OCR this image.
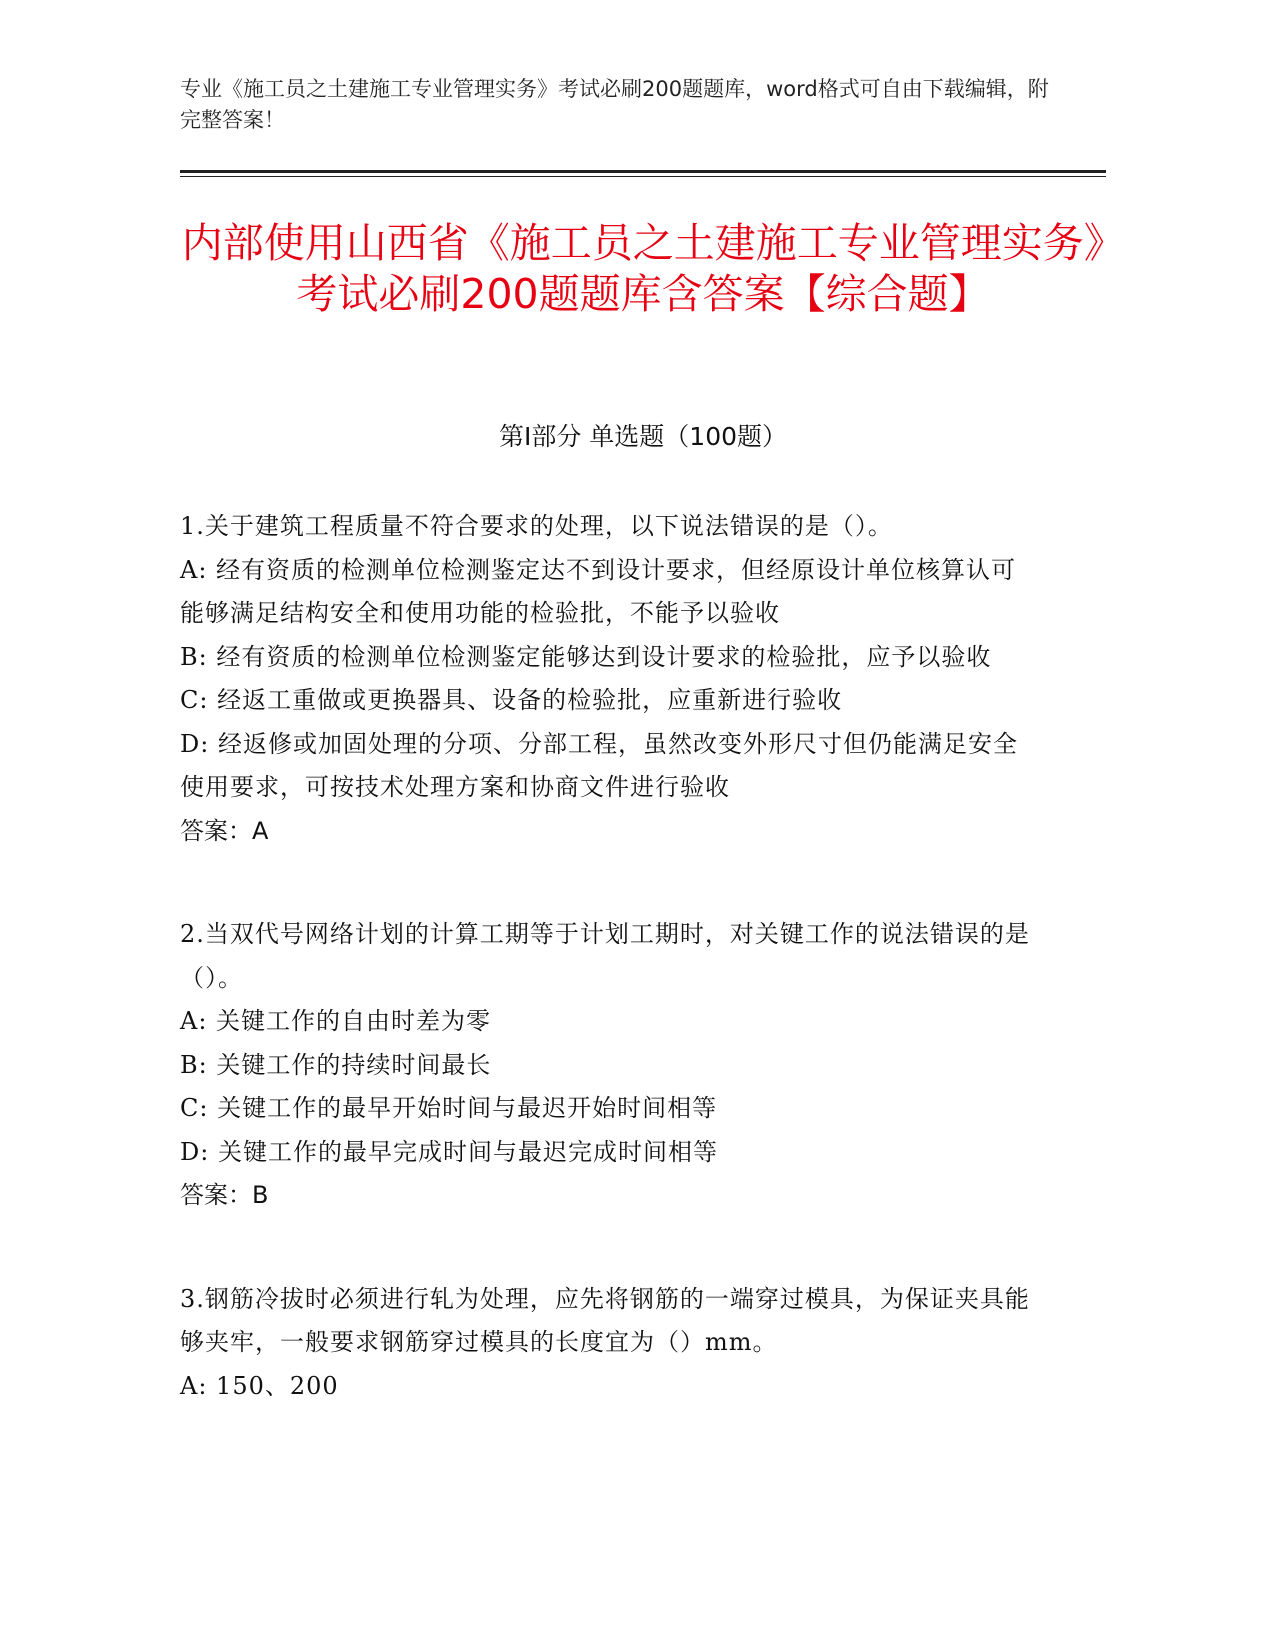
专业《施工员之土建施工专业管理实务》考试必刷200题题库，word格式可自由下载编辑，附完整答案！
内部使用山西省《施工员之土建施工专业管理实务》考试必刷200题题库含答案【综合题】
第I部分 单选题（100题）

1.关于建筑工程质量不符合要求的处理，以下说法错误的是（）。

A: 经有资质的检测单位检测鉴定达不到设计要求，但经原设计单位核算认可能够满足结构安全和使用功能的检验批，不能予以验收

B: 经有资质的检测单位检测鉴定能够达到设计要求的检验批，应予以验收

C: 经返工重做或更换器具、设备的检验批，应重新进行验收

D: 经返修或加固处理的分项、分部工程，虽然改变外形尺寸但仍能满足安全使用要求，可按技术处理方案和协商文件进行验收

答案：A

2.当双代号网络计划的计算工期等于计划工期时，对关键工作的说法错误的是（）。

A: 关键工作的自由时差为零

B: 关键工作的持续时间最长

C: 关键工作的最早开始时间与最迟开始时间相等

D: 关键工作的最早完成时间与最迟完成时间相等

答案：B

3.钢筋冷拔时必须进行轧为处理，应先将钢筋的一端穿过模具，为保证夹具能够夹牢，一般要求钢筋穿过模具的长度宜为（）mm。

A: 150、200
